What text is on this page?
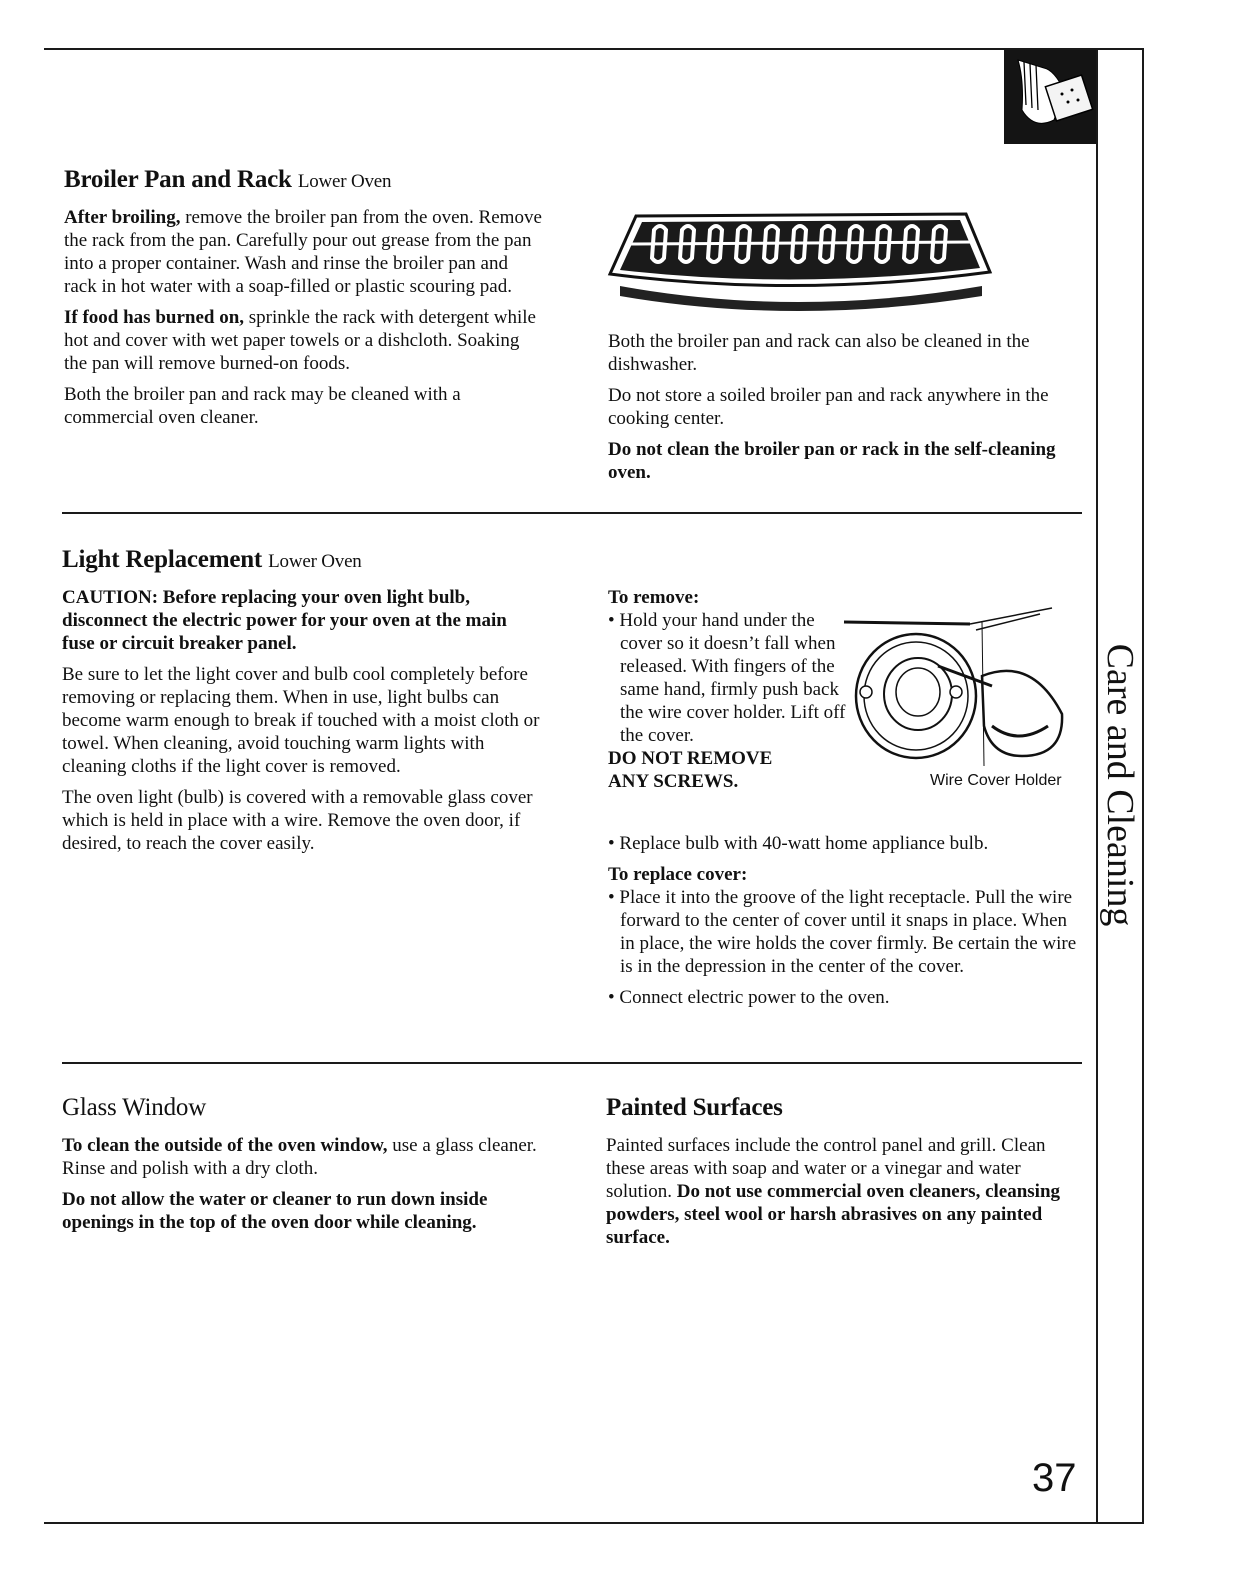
Broiler Pan and Rack Lower Oven

After broiling, remove the broiler pan from the oven. Remove the rack from the pan. Carefully pour out grease from the pan into a proper container. Wash and rinse the broiler pan and rack in hot water with a soap-filled or plastic scouring pad.

If food has burned on, sprinkle the rack with detergent while hot and cover with wet paper towels or a dishcloth. Soaking the pan will remove burned-on foods.

Both the broiler pan and rack may be cleaned with a commercial oven cleaner.

Both the broiler pan and rack can also be cleaned in the dishwasher.

Do not store a soiled broiler pan and rack anywhere in the cooking center.

Do not clean the broiler pan or rack in the self-cleaning oven.

Light Replacement Lower Oven

CAUTION: Before replacing your oven light bulb, disconnect the electric power for your oven at the main fuse or circuit breaker panel.

Be sure to let the light cover and bulb cool completely before removing or replacing them. When in use, light bulbs can become warm enough to break if touched with a moist cloth or towel. When cleaning, avoid touching warm lights with cleaning cloths if the light cover is removed.

The oven light (bulb) is covered with a removable glass cover which is held in place with a wire. Remove the oven door, if desired, to reach the cover easily.

To remove:

• Hold your hand under the cover so it doesn’t fall when released. With fingers of the same hand, firmly push back the wire cover holder. Lift off the cover.

DO NOT REMOVE ANY SCREWS.	Wire Cover Holder

• Replace bulb with 40-watt home appliance bulb.

To replace cover:

• Place it into the groove of the light receptacle. Pull the wire forward to the center of cover until it snaps in place. When in place, the wire holds the cover firmly. Be certain the wire is in the depression in the center of the cover.

• Connect electric power to the oven.

Glass Window

To clean the outside of the oven window, use a glass cleaner. Rinse and polish with a dry cloth.

Do not allow the water or cleaner to run down inside openings in the top of the oven door while cleaning.

Painted Surfaces

Painted surfaces include the control panel and grill. Clean these areas with soap and water or a vinegar and water solution. Do not use commercial oven cleaners, cleansing powders, steel wool or harsh abrasives on any painted surface.

Care and Cleaning
37
